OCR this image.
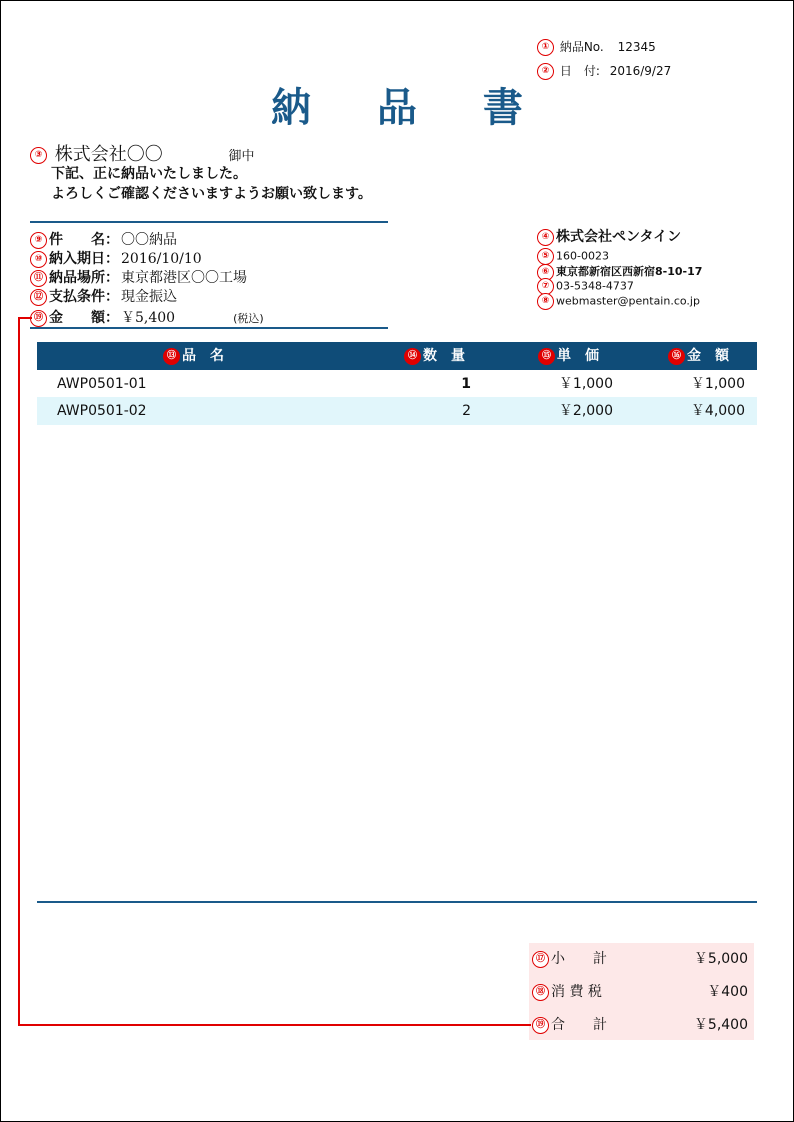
① 納品No. 12345
② 日　付: 2016/9/27
納 品 書
③ 株式会社〇〇	御中
下記、正に納品いたしました。
よろしくご確認くださいますようお願い致します。
⑨ 件　　名： 〇〇納品
⑩ 納入期日： 2016/10/10
⑪ 納品場所： 東京都港区〇〇工場
⑫ 支払条件： 現金振込
⑲ 金　　額： ￥5,400	(税込)
④ 株式会社ペンタイン
⑤ 160-0023
⑥ 東京都新宿区西新宿8-10-17
⑦ 03-5348-4737
⑧ webmaster@pentain.co.jp
⑬ 品　名	⑭ 数　量	⑮ 単　価	⑯ 金　額
AWP0501-01	1	￥1,000	￥1,000
AWP0501-02	2	￥2,000	￥4,000
⑰ 小　　計	￥5,000
⑱ 消 費 税	￥400
⑲ 合　　計	￥5,400
